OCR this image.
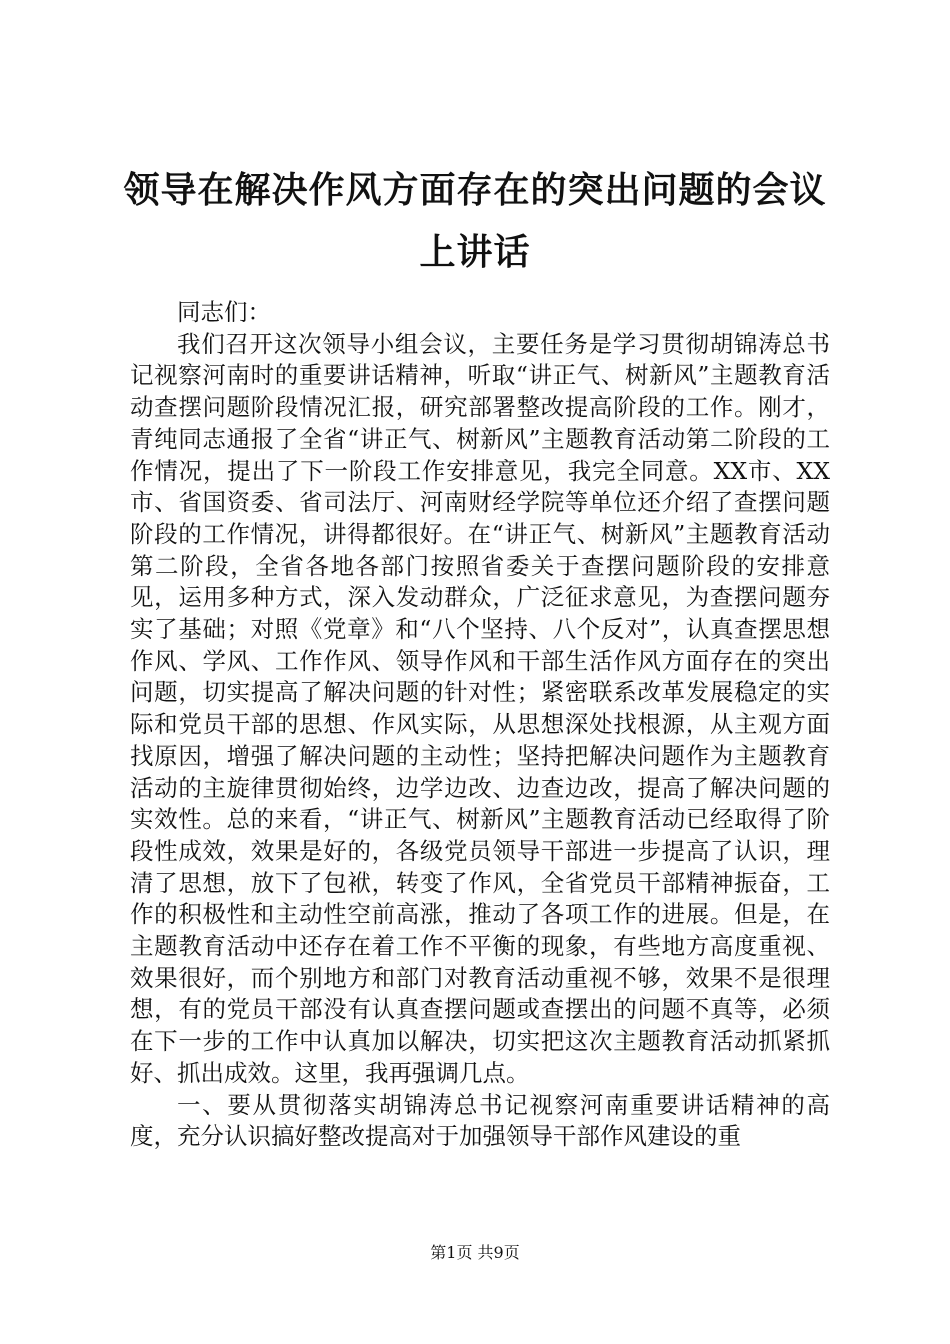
领导在解决作风方面存在的突出问题的会议上讲话

同志们：

我们召开这次领导小组会议，主要任务是学习贯彻胡锦涛总书记视察河南时的重要讲话精神，听取“讲正气、树新风”主题教育活动查摆问题阶段情况汇报，研究部署整改提高阶段的工作。刚才，青纯同志通报了全省“讲正气、树新风”主题教育活动第二阶段的工作情况，提出了下一阶段工作安排意见，我完全同意。XX市、XX市、省国资委、省司法厅、河南财经学院等单位还介绍了查摆问题阶段的工作情况，讲得都很好。在“讲正气、树新风”主题教育活动第二阶段，全省各地各部门按照省委关于查摆问题阶段的安排意见，运用多种方式，深入发动群众，广泛征求意见，为查摆问题夯实了基础；对照《党章》和“八个坚持、八个反对”，认真查摆思想作风、学风、工作作风、领导作风和干部生活作风方面存在的突出问题，切实提高了解决问题的针对性；紧密联系改革发展稳定的实际和党员干部的思想、作风实际，从思想深处找根源，从主观方面找原因，增强了解决问题的主动性；坚持把解决问题作为主题教育活动的主旋律贯彻始终，边学边改、边查边改，提高了解决问题的实效性。总的来看，“讲正气、树新风”主题教育活动已经取得了阶段性成效，效果是好的，各级党员领导干部进一步提高了认识，理清了思想，放下了包袱，转变了作风，全省党员干部精神振奋，工作的积极性和主动性空前高涨，推动了各项工作的进展。但是，在主题教育活动中还存在着工作不平衡的现象，有些地方高度重视、效果很好，而个别地方和部门对教育活动重视不够，效果不是很理想，有的党员干部没有认真查摆问题或查摆出的问题不真等，必须在下一步的工作中认真加以解决，切实把这次主题教育活动抓紧抓好、抓出成效。这里，我再强调几点。

一、要从贯彻落实胡锦涛总书记视察河南重要讲话精神的高度，充分认识搞好整改提高对于加强领导干部作风建设的重

第1页 共9页
